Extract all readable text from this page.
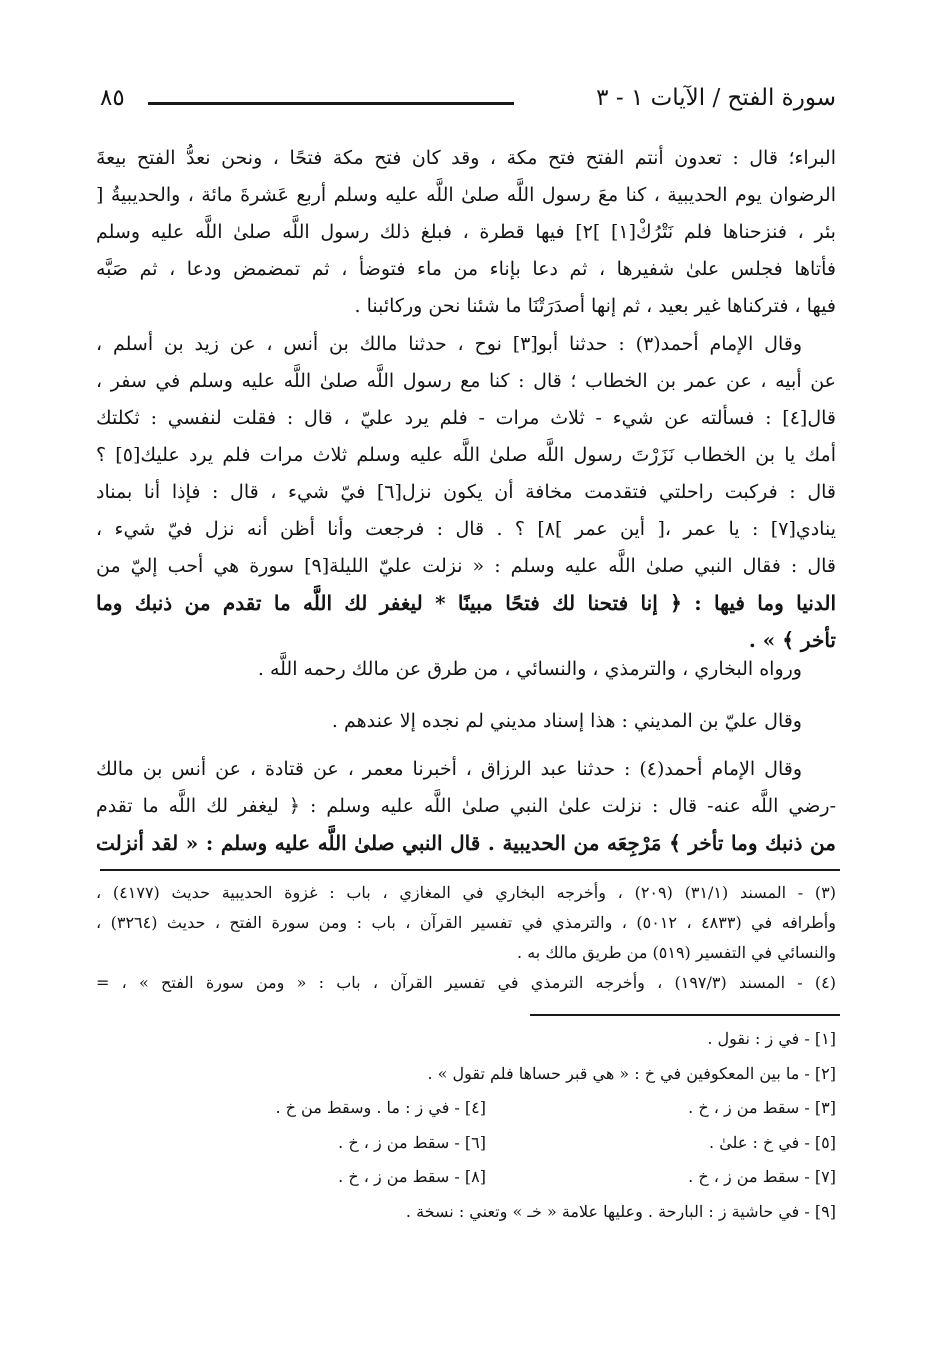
سورة الفتح / الآيات ١ - ٣
٨٥
البراء؛ قال : تعدون أنتم الفتح فتح مكة ، وقد كان فتح مكة فتحًا ، ونحن نعدُّ الفتح بيعةَ
الرضوان يوم الحديبية ، كنا معَ رسول اللَّه صلىٰ اللَّه عليه وسلم أربع عَشرةَ مائة ، والحديبيةُ [
بئر ، فنزحناها فلم نَتْرُكْ[١] ]٢] فيها قطرة ، فبلغ ذلك رسول اللَّه صلىٰ اللَّه عليه وسلم
فأتاها فجلس علىٰ شفيرها ، ثم دعا بإناء من ماء فتوضأ ، ثم تمضمض ودعا ، ثم صَبَّه
فيها ، فتركناها غير بعيد ، ثم إنها أصدَرَتْنَا ما شئنا نحن وركائبنا .
وقال الإمام أحمد(٣) : حدثنا أبو[٣] نوح ، حدثنا مالك بن أنس ، عن زيد بن أسلم ،
عن أبيه ، عن عمر بن الخطاب ؛ قال : كنا مع رسول اللَّه صلىٰ اللَّه عليه وسلم في سفر ،
قال[٤] : فسألته عن شيء - ثلاث مرات - فلم يرد عليّ ، قال : فقلت لنفسي : ثكلتك
أمك يا بن الخطاب نَزَرْتَ رسول اللَّه صلىٰ اللَّه عليه وسلم ثلاث مرات فلم يرد عليك[٥] ؟
قال : فركبت راحلتي فتقدمت مخافة أن يكون نزل[٦] فيّ شيء ، قال : فإذا أنا بمناد
ينادي[٧] : يا عمر ،[ أين عمر ]٨] ؟ . قال : فرجعت وأنا أظن أنه نزل فيّ شيء ،
قال : فقال النبي صلىٰ اللَّه عليه وسلم : « نزلت عليّ الليلة[٩] سورة هي أحب إليّ من
الدنيا وما فيها : ﴿ إنا فتحنا لك فتحًا مبينًا * ليغفر لك اللَّه ما تقدم من ذنبك وما
تأخر ﴾ » .
ورواه البخاري ، والترمذي ، والنسائي ، من طرق عن مالك رحمه اللَّه .
وقال عليّ بن المديني : هذا إسناد مديني لم نجده إلا عندهم .
وقال الإمام أحمد(٤) : حدثنا عبد الرزاق ، أخبرنا معمر ، عن قتادة ، عن أنس بن مالك
-رضي اللَّه عنه- قال : نزلت علىٰ النبي صلىٰ اللَّه عليه وسلم : ﴿ ليغفر لك اللَّه ما تقدم
من ذنبك وما تأخر ﴾ مَرْجِعَه من الحديبية . قال النبي صلىٰ اللَّه عليه وسلم : « لقد أنزلت
(٣) - المسند (٣١/١) (٢٠٩) ، وأخرجه البخاري في المغازي ، باب : غزوة الحديبية حديث (٤١٧٧) ،
وأطرافه في (٤٨٣٣ ، ٥٠١٢) ، والترمذي في تفسير القرآن ، باب : ومن سورة الفتح ، حديث (٣٢٦٤) ،
والنسائي في التفسير (٥١٩) من طريق مالك به .
(٤) - المسند (١٩٧/٣) ، وأخرجه الترمذي في تفسير القرآن ، باب : « ومن سورة الفتح » ، =
[١] - في ز : نقول .
[٢] - ما بين المعكوفين في خ : « هي قبر حساها فلم تقول » .
[٣] - سقط من ز ، خ .
[٤] - في ز : ما . وسقط من خ .
[٥] - في خ : علىٰ .
[٦] - سقط من ز ، خ .
[٧] - سقط من ز ، خ .
[٨] - سقط من ز ، خ .
[٩] - في حاشية ز : البارحة . وعليها علامة « خـ » وتعني : نسخة .
